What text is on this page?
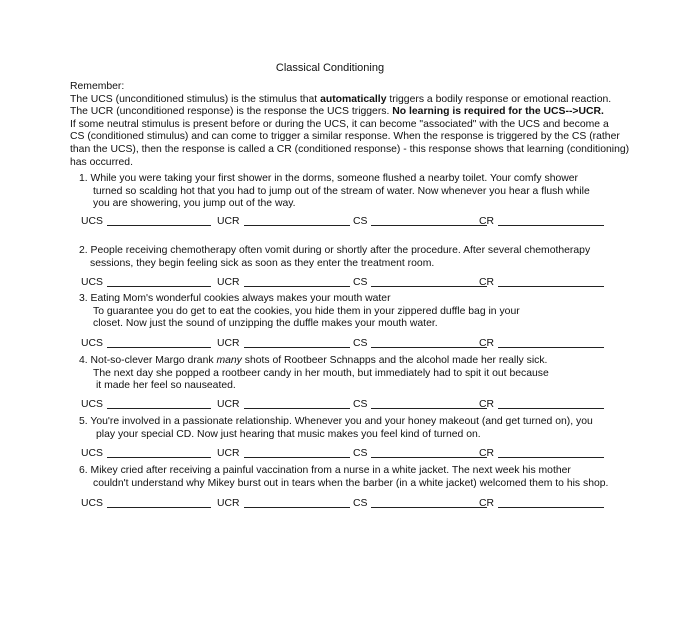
Classical Conditioning

Remember:

The UCS (unconditioned stimulus) is the stimulus that automatically triggers a bodily response or emotional reaction.

The UCR (unconditioned response) is the response the UCS triggers. No learning is required for the UCS-->UCR.

If some neutral stimulus is present before or during the UCS, it can become "associated" with the UCS and become a

CS (conditioned stimulus) and can come to trigger a similar response. When the response is triggered by the CS (rather

than the UCS), then the response is called a CR (conditioned response) - this response shows that learning (conditioning)

has occurred.

1. While you were taking your first shower in the dorms, someone flushed a nearby toilet. Your comfy shower

turned so scalding hot that you had to jump out of the stream of water. Now whenever you hear a flush while

you are showering, you jump out of the way.

UCS	UCR	CS	CR

2. People receiving chemotherapy often vomit during or shortly after the procedure. After several chemotherapy

sessions, they begin feeling sick as soon as they enter the treatment room.

UCS	UCR	CS	CR

3. Eating Mom's wonderful cookies always makes your mouth water

To guarantee you do get to eat the cookies, you hide them in your zippered duffle bag in your

closet. Now just the sound of unzipping the duffle makes your mouth water.

UCS	UCR	CS	CR

4. Not-so-clever Margo drank many shots of Rootbeer Schnapps and the alcohol made her really sick.

The next day she popped a rootbeer candy in her mouth, but immediately had to spit it out because

it made her feel so nauseated.

UCS	UCR	CS	CR

5. You're involved in a passionate relationship. Whenever you and your honey makeout (and get turned on), you

play your special CD. Now just hearing that music makes you feel kind of turned on.

UCS	UCR	CS	CR

6. Mikey cried after receiving a painful vaccination from a nurse in a white jacket. The next week his mother

couldn't understand why Mikey burst out in tears when the barber (in a white jacket) welcomed them to his shop.

UCS	UCR	CS	CR
